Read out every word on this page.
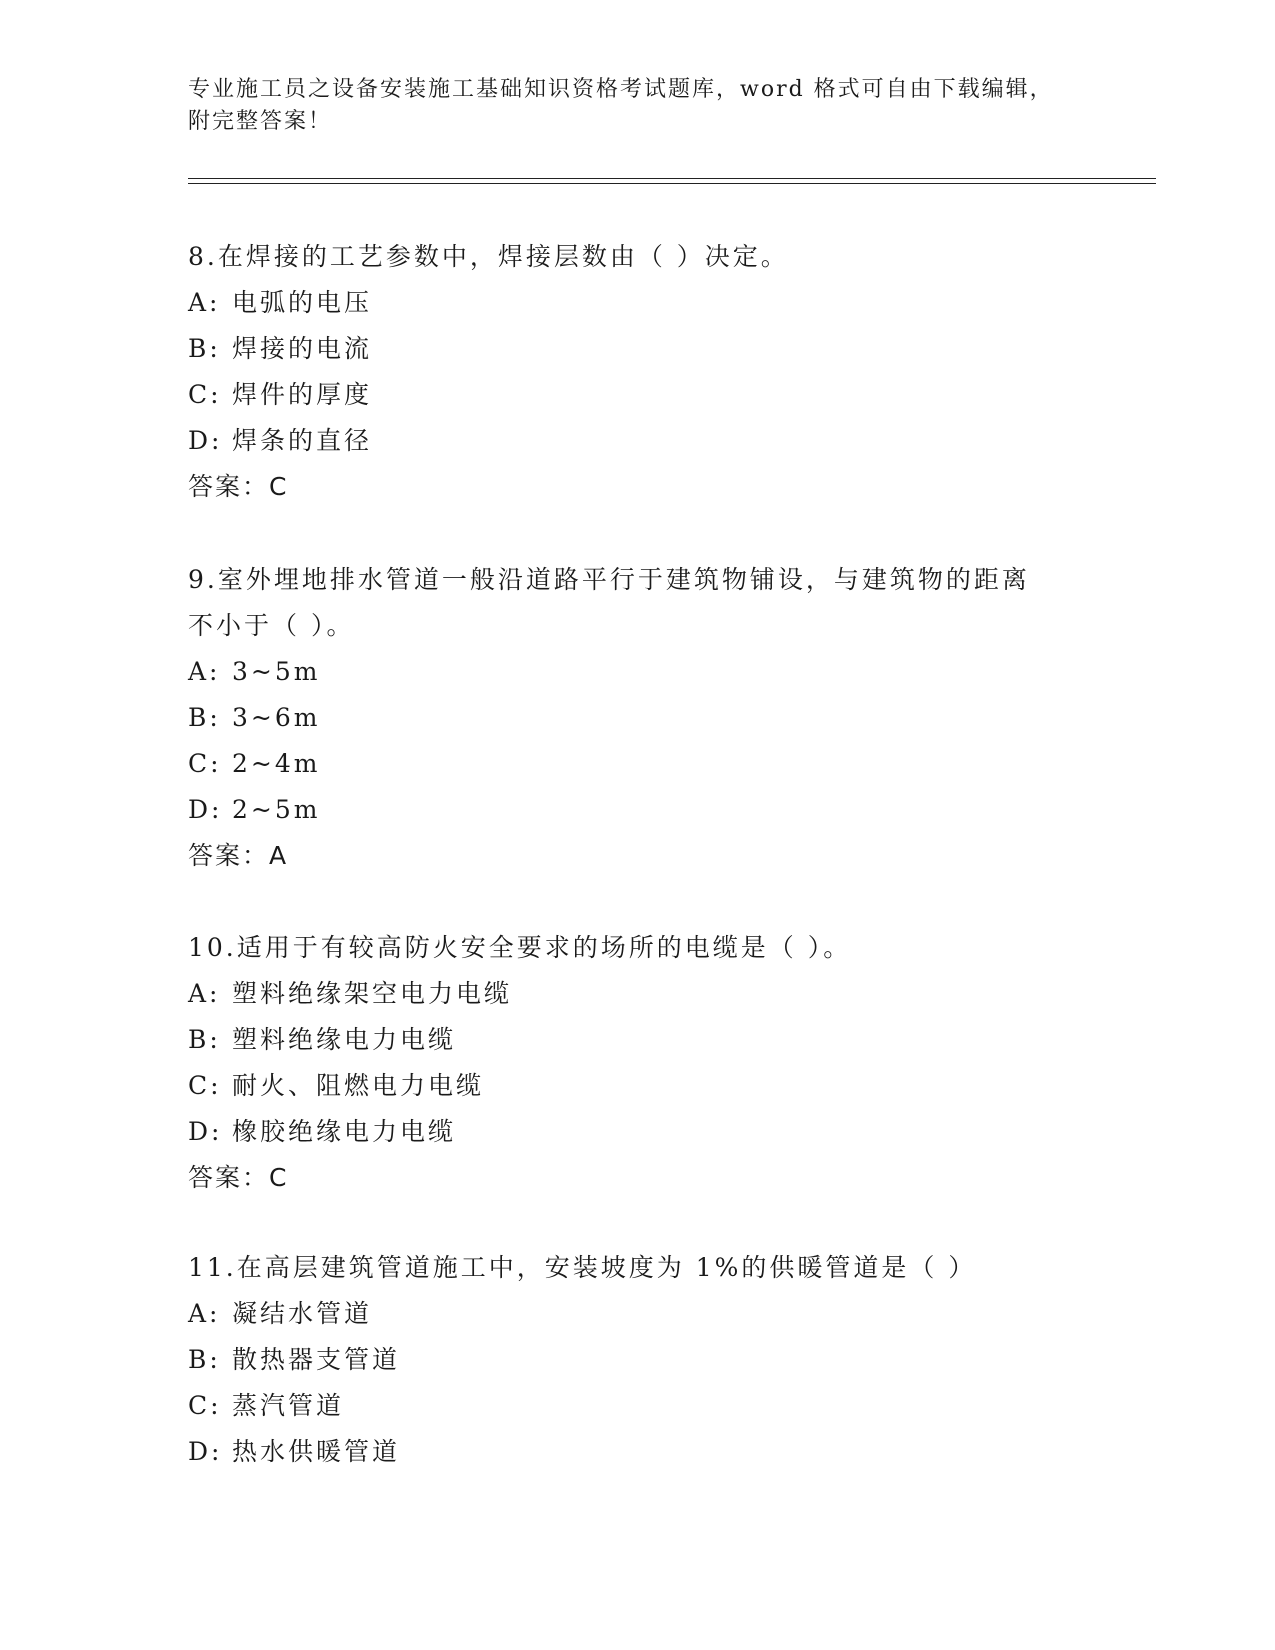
专业施工员之设备安装施工基础知识资格考试题库，word 格式可自由下载编辑，
附完整答案！
8.在焊接的工艺参数中，焊接层数由（ ）决定。
A: 电弧的电压
B: 焊接的电流
C: 焊件的厚度
D: 焊条的直径
答案：C
9.室外埋地排水管道一般沿道路平行于建筑物铺设，与建筑物的距离
不小于（ ）。
A: 3~5m
B: 3~6m
C: 2~4m
D: 2~5m
答案：A
10.适用于有较高防火安全要求的场所的电缆是（ ）。
A: 塑料绝缘架空电力电缆
B: 塑料绝缘电力电缆
C: 耐火、阻燃电力电缆
D: 橡胶绝缘电力电缆
答案：C
11.在高层建筑管道施工中，安装坡度为 1%的供暖管道是（ ）
A: 凝结水管道
B: 散热器支管道
C: 蒸汽管道
D: 热水供暖管道
